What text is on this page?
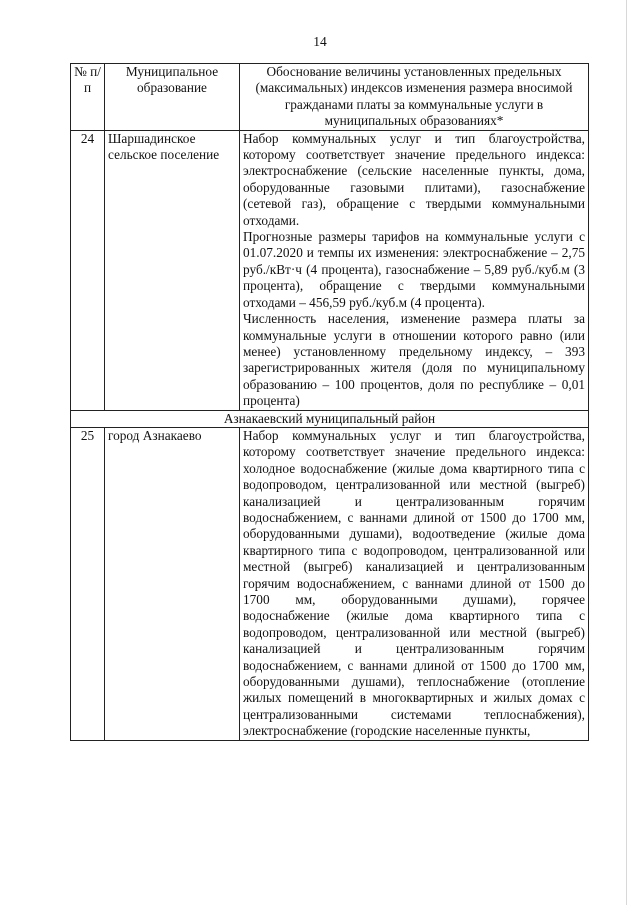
14
№ п/п	Муниципальное образование	Обоснование величины установленных предельных (максимальных) индексов изменения размера вносимой гражданами платы за коммунальные услуги в муниципальных образованиях*
24	Шаршадинское сельское поселение	Набор коммунальных услуг и тип благоустройства, которому соответствует значение предельного индекса: электроснабжение (сельские населенные пункты, дома, оборудованные газовыми плитами), газоснабжение (сетевой газ), обращение с твердыми коммунальными отходами.
Прогнозные размеры тарифов на коммунальные услуги с 01.07.2020 и темпы их изменения: электроснабжение – 2,75 руб./кВт·ч (4 процента), газоснабжение – 5,89 руб./куб.м (3 процента), обращение с твердыми коммунальными отходами – 456,59 руб./куб.м (4 процента).
Численность населения, изменение размера платы за коммунальные услуги в отношении которого равно (или менее) установленному предельному индексу, – 393 зарегистрированных жителя (доля по муниципальному образованию – 100 процентов, доля по республике – 0,01 процента)

Азнакаевский муниципальный район		
25	город Азнакаево	Набор коммунальных услуг и тип благоустройства, которому соответствует значение предельного индекса: холодное водоснабжение (жилые дома квартирного типа с водопроводом, централизованной или местной (выгреб) канализацией и централизованным горячим водоснабжением, с ваннами длиной от 1500 до 1700 мм, оборудованными душами), водоотведение (жилые дома квартирного типа с водопроводом, централизованной или местной (выгреб) канализацией и централизованным горячим водоснабжением, с ваннами длиной от 1500 до 1700 мм, оборудованными душами), горячее водоснабжение (жилые дома квартирного типа с водопроводом, централизованной или местной (выгреб) канализацией и централизованным горячим водоснабжением, с ваннами длиной от 1500 до 1700 мм, оборудованными душами), теплоснабжение (отопление жилых помещений в многоквартирных и жилых домах с централизованными системами теплоснабжения), электроснабжение (городские населенные пункты,
